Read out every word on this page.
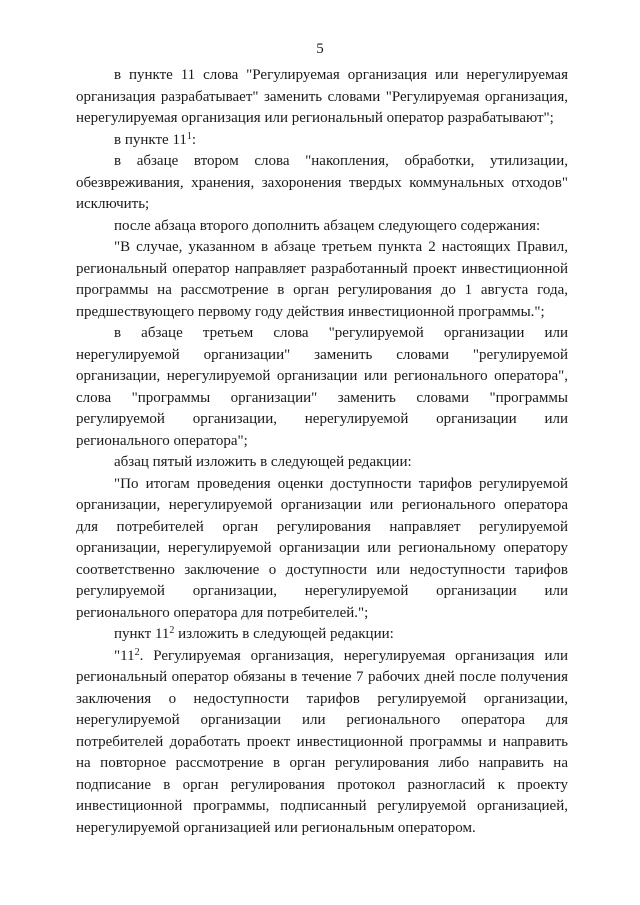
5

в пункте 11 слова "Регулируемая организация или нерегулируемая организация разрабатывает" заменить словами "Регулируемая организация, нерегулируемая организация или региональный оператор разрабатывают";

в пункте $11^1$:

в абзаце втором слова "накопления, обработки, утилизации, обезвреживания, хранения, захоронения твердых коммунальных отходов" исключить;

после абзаца второго дополнить абзацем следующего содержания:

"В случае, указанном в абзаце третьем пункта 2 настоящих Правил, региональный оператор направляет разработанный проект инвестиционной программы на рассмотрение в орган регулирования до 1 августа года, предшествующего первому году действия инвестиционной программы.";

в абзаце третьем слова "регулируемой организации или нерегулируемой организации" заменить словами "регулируемой организации, нерегулируемой организации или регионального оператора", слова "программы организации" заменить словами "программы регулируемой организации, нерегулируемой организации или регионального оператора";

абзац пятый изложить в следующей редакции:

"По итогам проведения оценки доступности тарифов регулируемой организации, нерегулируемой организации или регионального оператора для потребителей орган регулирования направляет регулируемой организации, нерегулируемой организации или региональному оператору соответственно заключение о доступности или недоступности тарифов регулируемой организации, нерегулируемой организации или регионального оператора для потребителей.";

пункт $11^2$ изложить в следующей редакции:

"$11^2$. Регулируемая организация, нерегулируемая организация или региональный оператор обязаны в течение 7 рабочих дней после получения заключения о недоступности тарифов регулируемой организации, нерегулируемой организации или регионального оператора для потребителей доработать проект инвестиционной программы и направить на повторное рассмотрение в орган регулирования либо направить на подписание в орган регулирования протокол разногласий к проекту инвестиционной программы, подписанный регулируемой организацией, нерегулируемой организацией или региональным оператором.
